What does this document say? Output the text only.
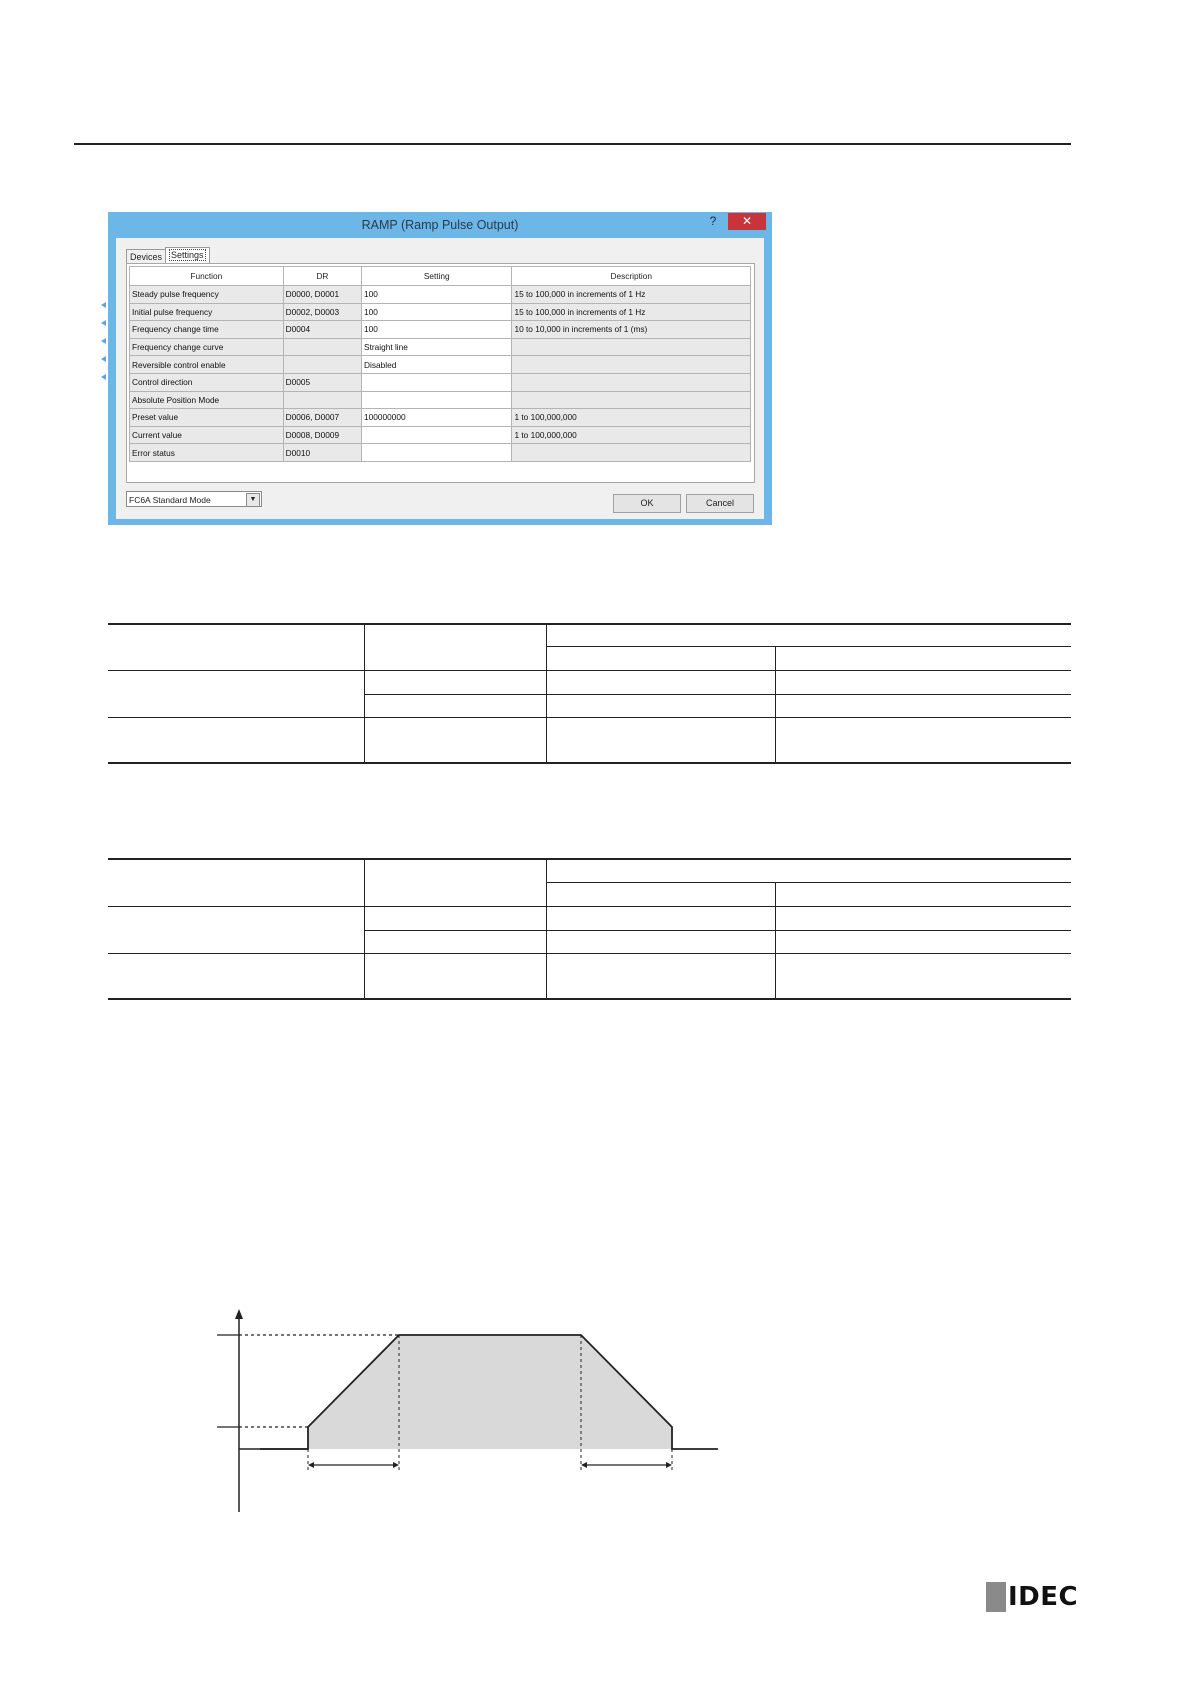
RAMP (Ramp Pulse Output)	?	✕
Devices Settings
Function	DR	Setting	Description
Steady pulse frequency	D0000, D0001	100	15 to 100,000 in increments of 1 Hz
Initial pulse frequency	D0002, D0003	100	15 to 100,000 in increments of 1 Hz
Frequency change time	D0004	100	10 to 10,000 in increments of 1 (ms)
Frequency change curve		Straight line	
Reversible control enable		Disabled	
Control direction	D0005		
Absolute Position Mode			
Preset value	D0006, D0007	100000000	1 to 100,000,000
Current value	D0008, D0009		1 to 100,000,000
Error status	D0010		
FC6A Standard Mode	▼	OK	Cancel
IDEC
